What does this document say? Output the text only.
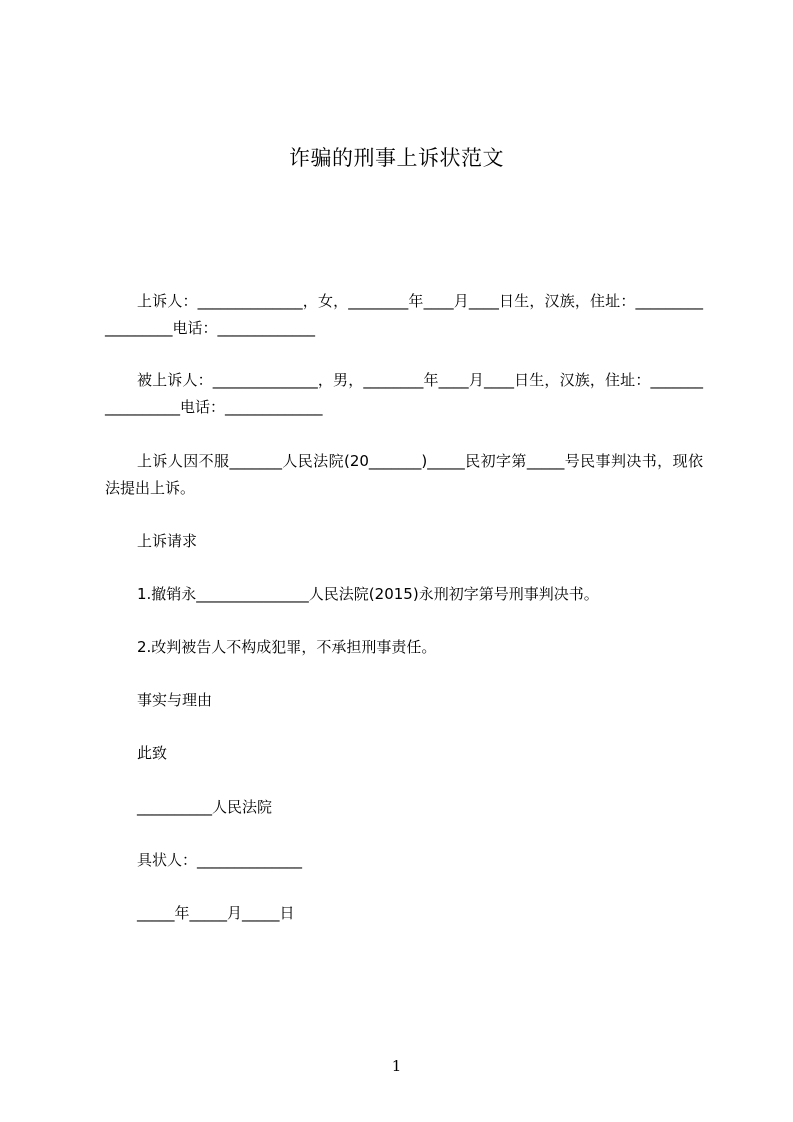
诈骗的刑事上诉状范文
上诉人：______________，女，________年____月____日生，汉族，住址：__________________电话：_____________
被上诉人：______________，男，________年____月____日生，汉族，住址：_________________电话：_____________
上诉人因不服_______人民法院(20_______)_____民初字第_____号民事判决书，现依法提出上诉。
上诉请求
1.撤销永_______________人民法院(2015)永刑初字第号刑事判决书。
2.改判被告人不构成犯罪，不承担刑事责任。
事实与理由
此致
__________人民法院
具状人：______________
_____年_____月_____日
1
